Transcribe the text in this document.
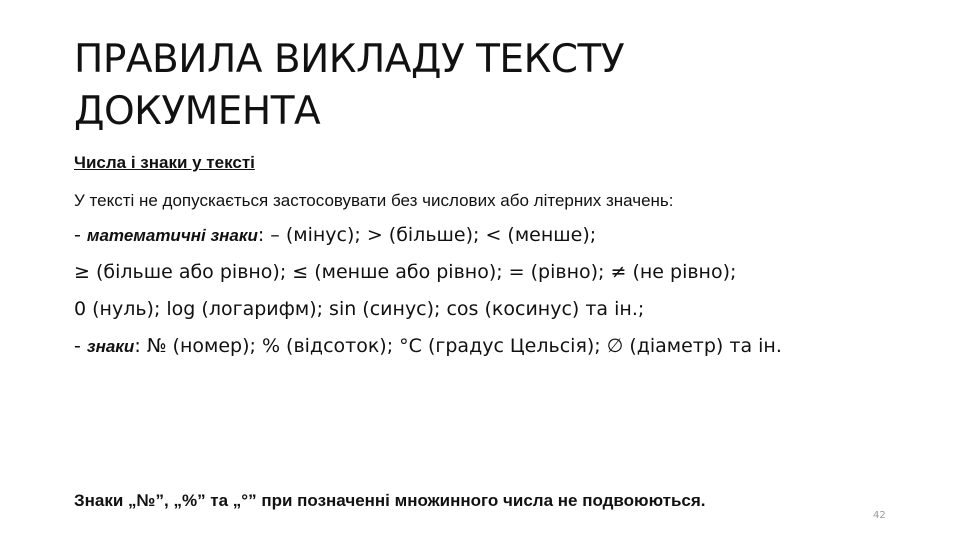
ПРАВИЛА ВИКЛАДУ ТЕКСТУ
ДОКУМЕНТА
Числа і знаки у тексті
У тексті не допускається застосовувати без числових або літерних значень:
- математичні знаки: – (мінус); > (більше); < (менше);
≥ (більше або рівно); ≤ (менше або рівно); = (рівно); ≠ (не рівно);
0 (нуль); log (логарифм); sin (синус); cos (косинус) та ін.;
- знаки: № (номер); % (відсоток); °С (градус Цельсія); ∅ (діаметр) та ін.
Знаки „№”, „%” та „°” при позначенні множинного числа не подвоюються.
42
